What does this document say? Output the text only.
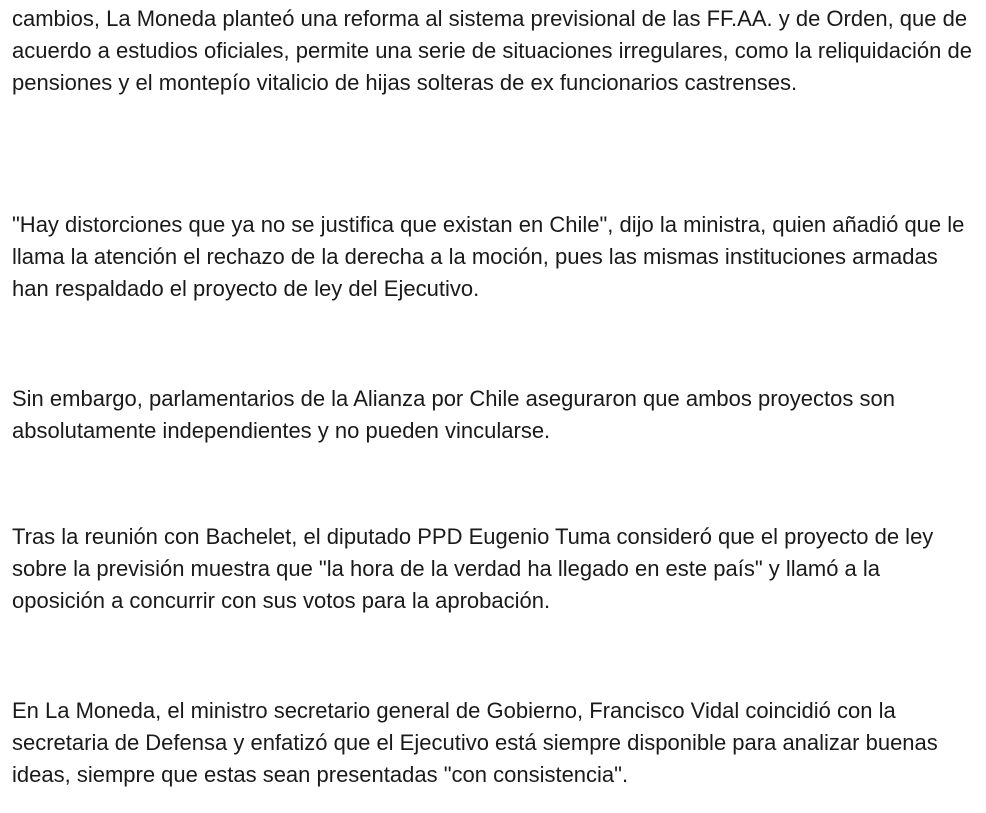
cambios, La Moneda planteó una reforma al sistema previsional de las FF.AA. y de Orden, que de acuerdo a estudios oficiales, permite una serie de situaciones irregulares, como la reliquidación de pensiones y el montepío vitalicio de hijas solteras de ex funcionarios castrenses.

"Hay distorciones que ya no se justifica que existan en Chile", dijo la ministra, quien añadió que le llama la atención el rechazo de la derecha a la moción, pues las mismas instituciones armadas han respaldado el proyecto de ley del Ejecutivo.

Sin embargo, parlamentarios de la Alianza por Chile aseguraron que ambos proyectos son absolutamente independientes y no pueden vincularse.

Tras la reunión con Bachelet, el diputado PPD Eugenio Tuma consideró que el proyecto de ley sobre la previsión muestra que "la hora de la verdad ha llegado en este país" y llamó a la oposición a concurrir con sus votos para la aprobación.

En La Moneda, el ministro secretario general de Gobierno, Francisco Vidal coincidió con la secretaria de Defensa y enfatizó que el Ejecutivo está siempre disponible para analizar buenas ideas, siempre que estas sean presentadas "con consistencia".
